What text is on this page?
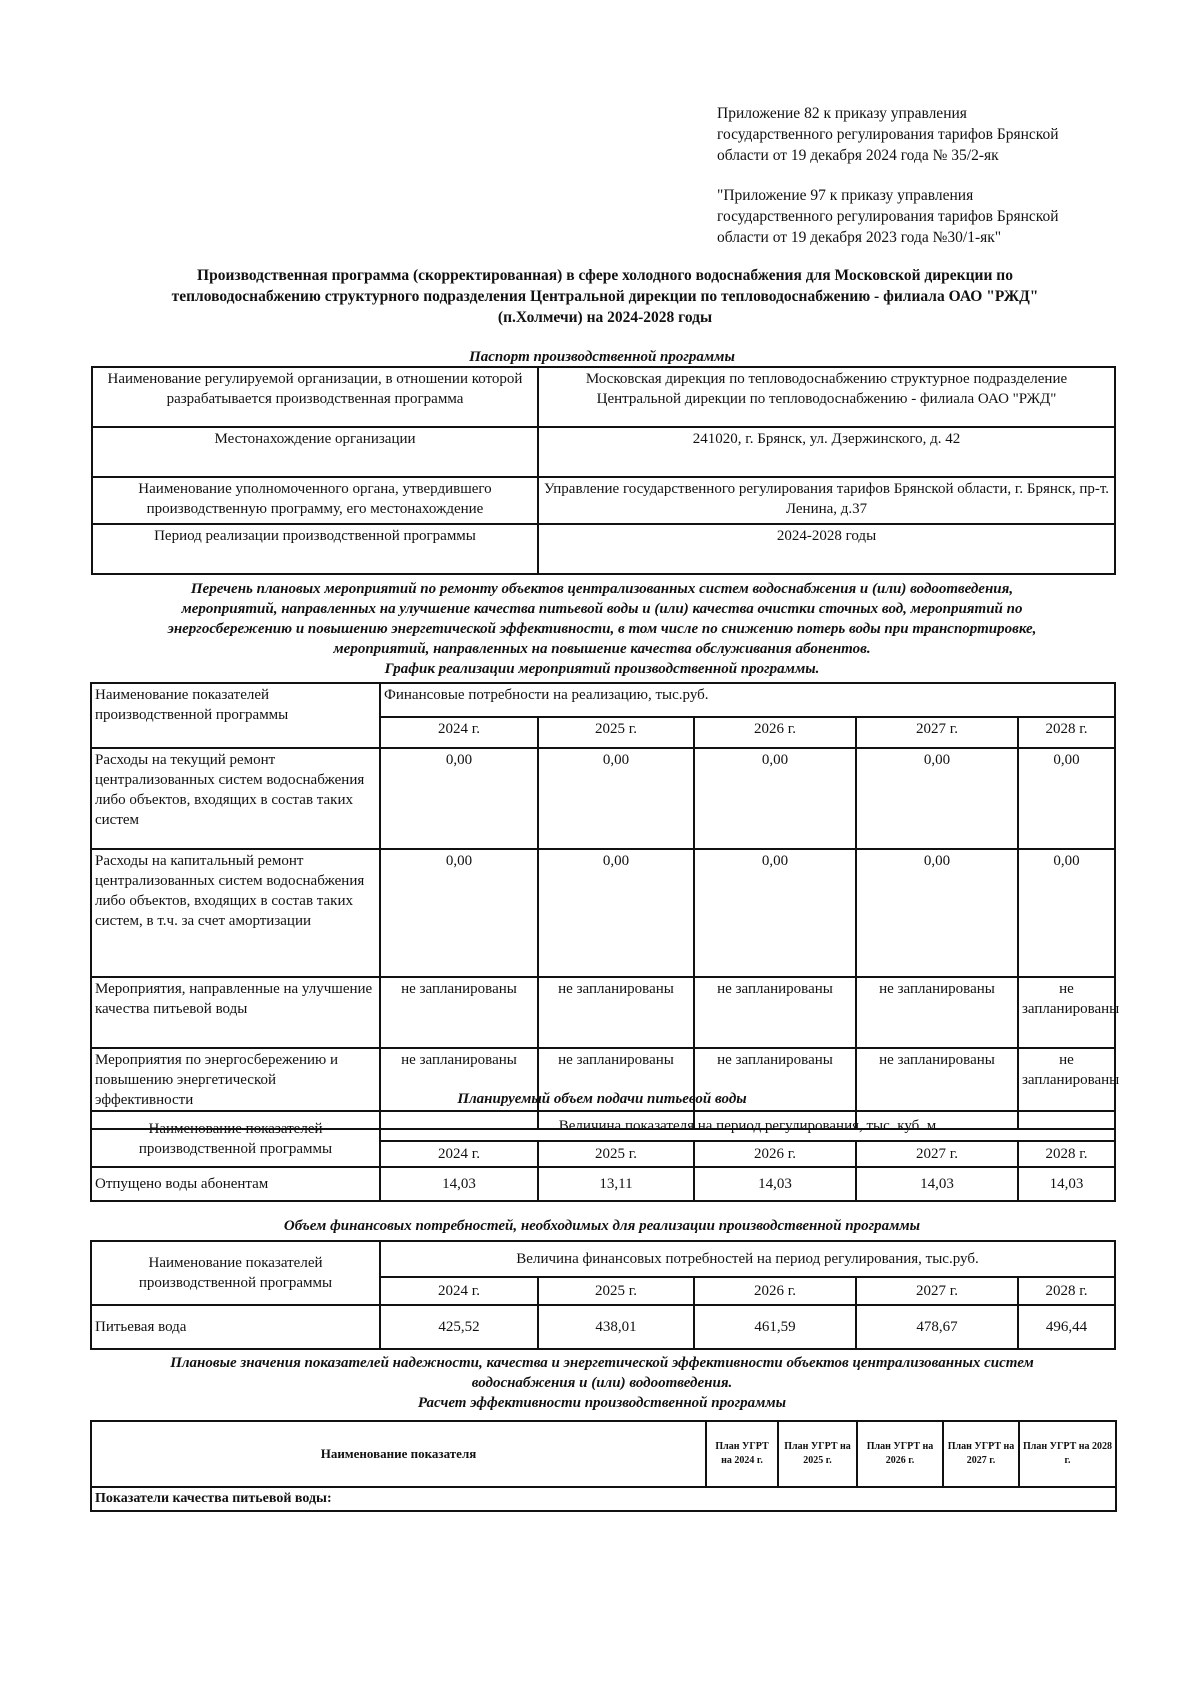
Приложение 82 к приказу управления

государственного регулирования тарифов Брянской

области от 19 декабря 2024 года № 35/2-як

"Приложение 97 к приказу управления

государственного регулирования тарифов Брянской

области от 19 декабря 2023 года №30/1-як"

Производственная программа (скорректированная) в сфере холодного водоснабжения для Московской дирекции по
тепловодоснабжению структурного подразделения Центральной дирекции по тепловодоснабжению - филиала ОАО "РЖД"
(п.Холмечи) на 2024-2028 годы
Паспорт производственной программы
Наименование регулируемой организации, в отношении которой разрабатывается производственная программа	Московская дирекция по тепловодоснабжению структурное подразделение Центральной дирекции по тепловодоснабжению - филиала ОАО "РЖД"
Местонахождение организации	241020, г. Брянск, ул. Дзержинского, д. 42
Наименование уполномоченного органа, утвердившего производственную программу, его местонахождение	Управление государственного регулирования тарифов Брянской области, г. Брянск, пр-т. Ленина, д.37
Период реализации производственной программы	2024-2028 годы
Перечень плановых мероприятий по ремонту объектов централизованных систем водоснабжения и (или) водоотведения,
мероприятий, направленных на улучшение качества питьевой воды и (или) качества очистки сточных вод, мероприятий по
энергосбережению и повышению энергетической эффективности, в том числе по снижению потерь воды при транспортировке,
мероприятий, направленных на повышение качества обслуживания абонентов.
График реализации мероприятий производственной программы.
Наименование показателей производственной программы	Финансовые потребности на реализацию, тыс.руб.				
	2024 г.	2025 г.	2026 г.	2027 г.	2028 г.
Расходы на текущий ремонт централизованных систем водоснабжения либо объектов, входящих в состав таких систем	0,00	0,00	0,00	0,00	0,00
Расходы на капитальный ремонт централизованных систем водоснабжения либо объектов, входящих в состав таких систем, в т.ч. за счет амортизации	0,00	0,00	0,00	0,00	0,00
Мероприятия, направленные на улучшение качества питьевой воды	не запланированы	не запланированы	не запланированы	не запланированы	не запланированы
Мероприятия по энергосбережению и повышению энергетической эффективности	не запланированы	не запланированы	не запланированы	не запланированы	не запланированы
Планируемый объем подачи питьевой воды
Наименование показателей производственной программы	Величина показателя на период регулирования, тыс. куб. м				
	2024 г.	2025 г.	2026 г.	2027 г.	2028 г.
Отпущено воды абонентам	14,03	13,11	14,03	14,03	14,03
Объем финансовых потребностей, необходимых для реализации производственной программы
Наименование показателей производственной программы	Величина финансовых потребностей на период регулирования, тыс.руб.				
	2024 г.	2025 г.	2026 г.	2027 г.	2028 г.
Питьевая вода	425,52	438,01	461,59	478,67	496,44
Плановые значения показателей надежности, качества и энергетической эффективности объектов централизованных систем
водоснабжения и (или) водоотведения.
Расчет эффективности производственной программы
Наименование показателя	План УГРТ на 2024 г.	План УГРТ на 2025 г.	План УГРТ на 2026 г.	План УГРТ на 2027 г.	План УГРТ на 2028 г.
Показатели качества питьевой воды:
